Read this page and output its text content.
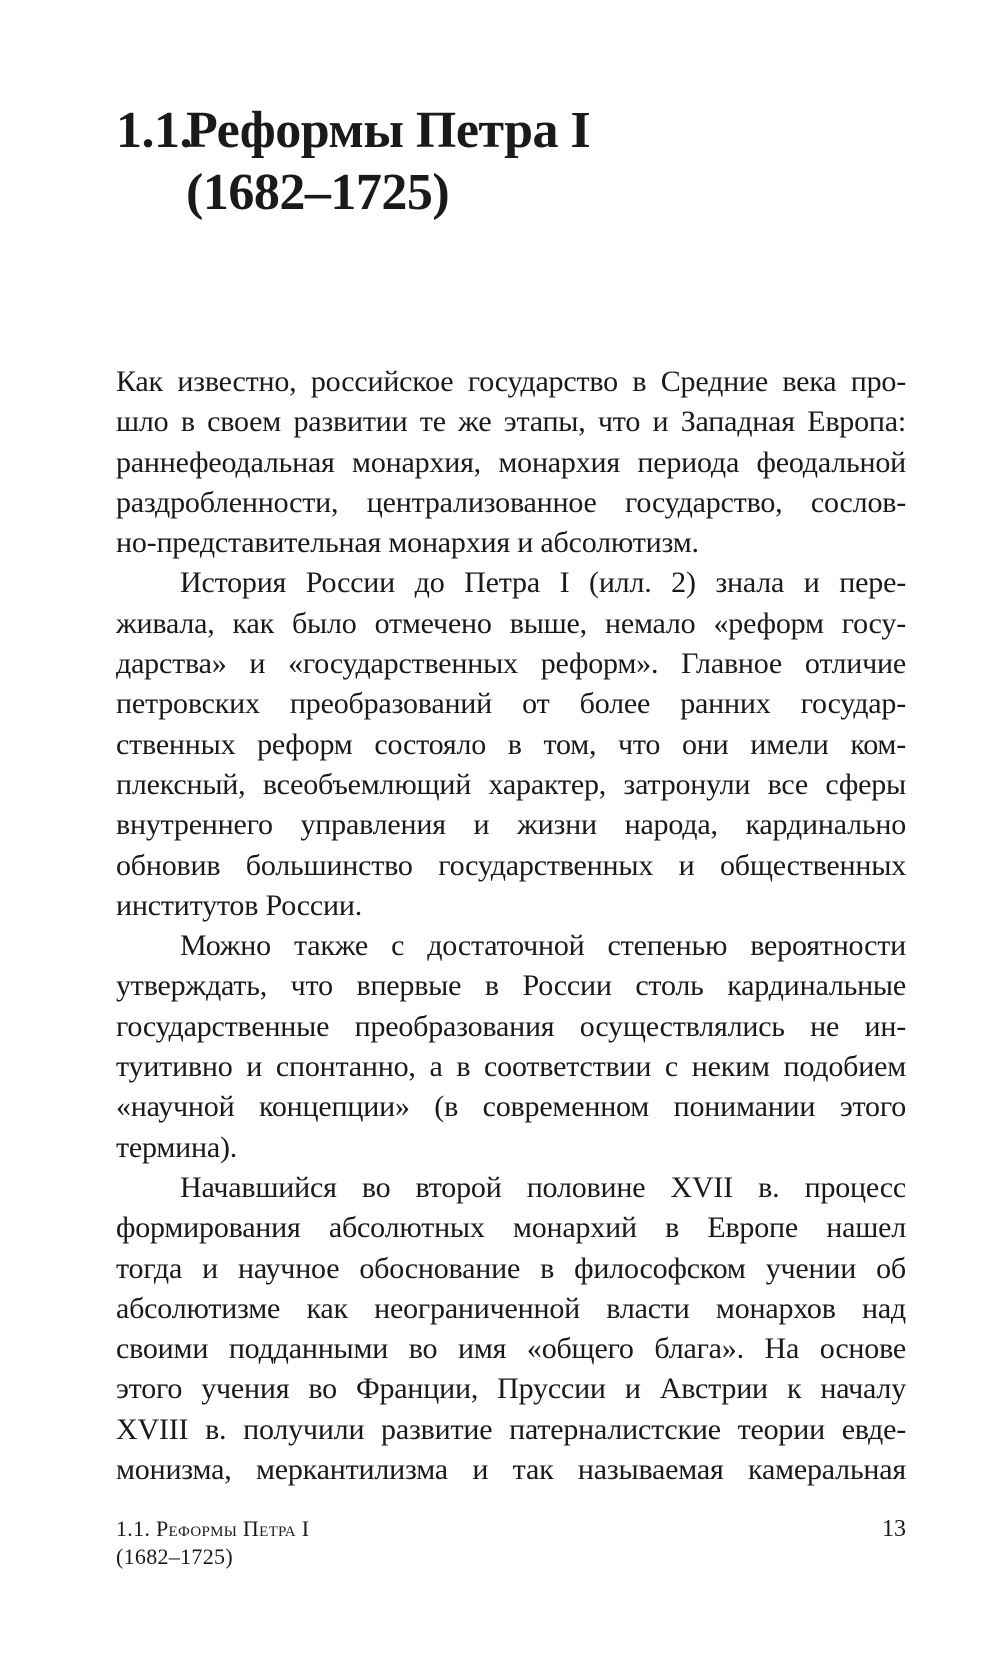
1.1.Реформы Петра I
(1682–1725)
Как известно, российское государство в Средние века про-
шло в своем развитии те же этапы, что и Западная Европа:
раннефеодальная монархия, монархия периода феодальной
раздробленности, централизованное государство, сослов-
но-представительная монархия и абсолютизм.
История России до Петра I (илл. 2) знала и пере-
живала, как было отмечено выше, немало «реформ госу-
дарства» и «государственных реформ». Главное отличие
петровских преобразований от более ранних государ-
ственных реформ состояло в том, что они имели ком-
плексный, всеобъемлющий характер, затронули все сферы
внутреннего управления и жизни народа, кардинально
обновив большинство государственных и общественных
институтов России.
Можно также с достаточной степенью вероятности
утверждать, что впервые в России столь кардинальные
государственные преобразования осуществлялись не ин-
туитивно и спонтанно, а в соответствии с неким подобием
«научной концепции» (в современном понимании этого
термина).
Начавшийся во второй половине XVII в. процесс
формирования абсолютных монархий в Европе нашел
тогда и научное обоснование в философском учении об
абсолютизме как неограниченной власти монархов над
своими подданными во имя «общего блага». На основе
этого учения во Франции, Пруссии и Австрии к началу
XVIII в. получили развитие патерналистские теории евде-
монизма, меркантилизма и так называемая камеральная
1.1. Реформы Петра I
(1682–1725)
13
